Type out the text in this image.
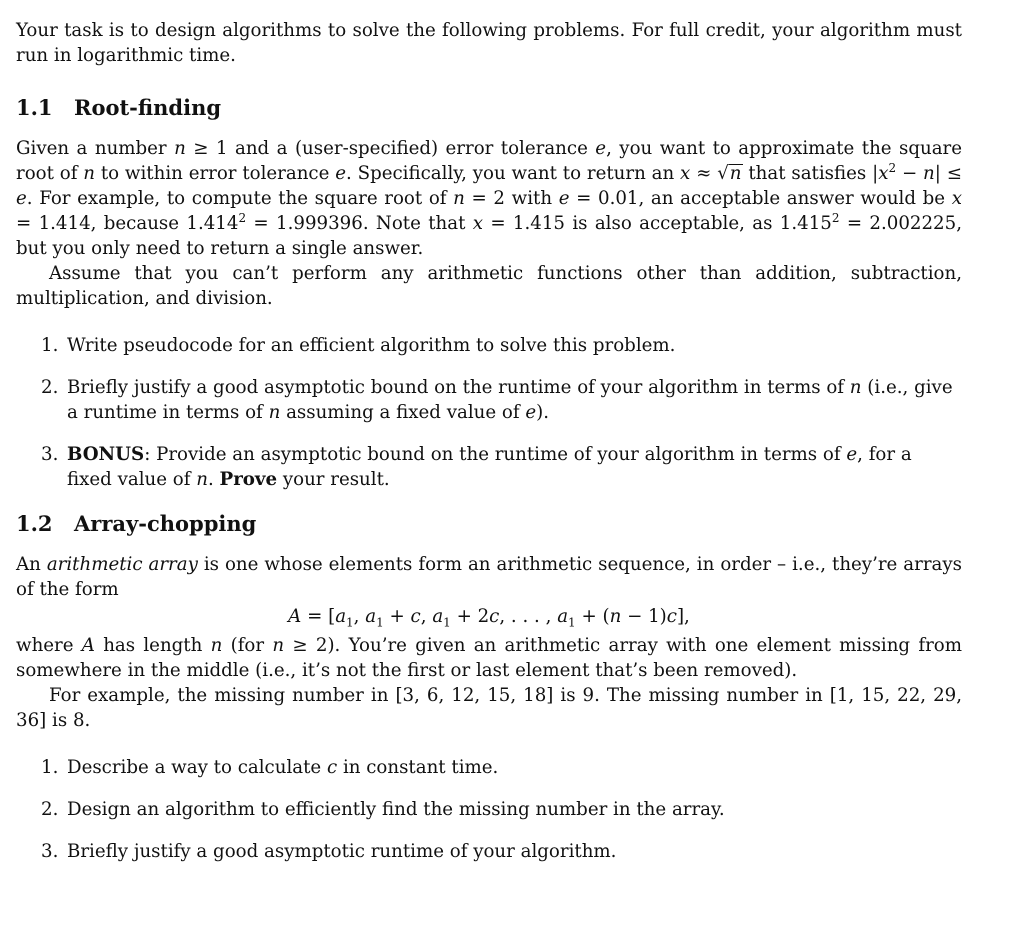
Your task is to design algorithms to solve the following problems. For full credit, your algorithm must run in logarithmic time.

1.1 Root-finding

Given a number n ≥ 1 and a (user-specified) error tolerance e, you want to approximate the square root of n to within error tolerance e. Specifically, you want to return an x ≈ √n that satisfies $|x^2 - n| \le e$. For example, to compute the square root of n = 2 with e = 0.01, an acceptable answer would be x = 1.414, because $1.414^2 = 1.999396$. Note that x = 1.415 is also acceptable, as $1.415^2 = 2.002225$, but you only need to return a single answer.

Assume that you can’t perform any arithmetic functions other than addition, subtraction, multiplication, and division.

1. Write pseudocode for an efficient algorithm to solve this problem.
2. Briefly justify a good asymptotic bound on the runtime of your algorithm in terms of n (i.e., give a runtime in terms of n assuming a fixed value of e).
3. BONUS: Provide an asymptotic bound on the runtime of your algorithm in terms of e, for a fixed value of n. Prove your result.
1.2 Array-chopping

An arithmetic array is one whose elements form an arithmetic sequence, in order – i.e., they’re arrays of the form

$A = [a_1$, $a_1 + c$, $a_1 + 2c$, . . . , $a_1 + (n - 1)c$],

where A has length n (for n ≥ 2). You’re given an arithmetic array with one element missing from somewhere in the middle (i.e., it’s not the first or last element that’s been removed).

For example, the missing number in [3, 6, 12, 15, 18] is 9. The missing number in [1, 15, 22, 29, 36] is 8.

1. Describe a way to calculate c in constant time.
2. Design an algorithm to efficiently find the missing number in the array.
3. Briefly justify a good asymptotic runtime of your algorithm.
